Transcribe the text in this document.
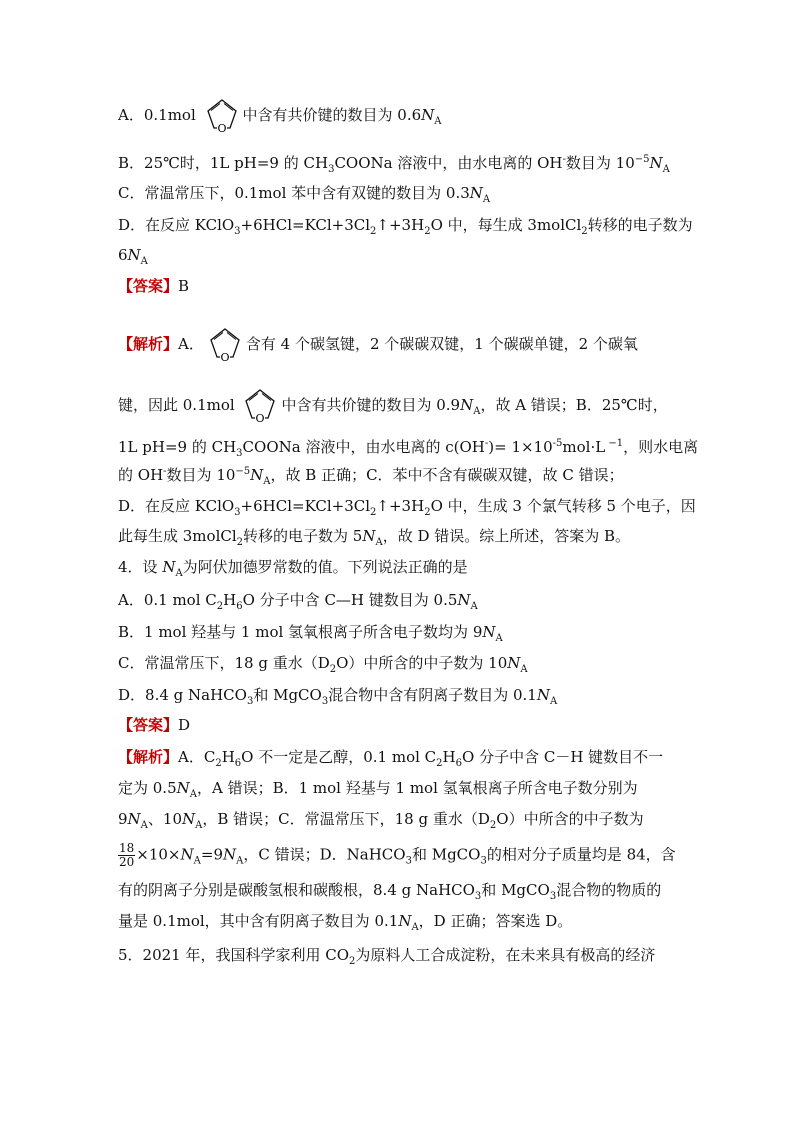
A．0.1mol
O
中含有共价键的数目为 $0.6N_A$
B．25℃时，1L pH=9 的 $CH_3COONa$ 溶液中，由水电离的 OH-数目为 $10^{-5}N_A$
C．常温常压下，0.1mol 苯中含有双键的数目为 $0.3N_A$
D．在反应 $KClO_3+6HCl=KCl+3Cl_2↑+3H_2O$ 中，每生成 3molCl$_2$转移的电子数为
$6N_A$
【答案】B
【解析】A．
O
含有 4 个碳氢键，2 个碳碳双键，1 个碳碳单键，2 个碳氧
键，因此 0.1mol
O
中含有共价键的数目为 $0.9N_A$，故 A 错误；B．25℃时，
1L pH=9 的 $CH_3COONa$ 溶液中，由水电离的 $c(OH^-)= 1\times 10^{-5}mol\cdot L$ $^{-1}$，则水电离
的 OH-数目为 $10^{-5}N_A$，故 B 正确；C．苯中不含有碳碳双键，故 C 错误；
D．在反应 $KClO_3+6HCl=KCl+3Cl_2↑+3H_2O$ 中，生成 3 个氯气转移 5 个电子，因
此每生成 3molCl$_2$转移的电子数为 $5N_A$，故 D 错误。综上所述，答案为 B。
4．设 $N_A$为阿伏加德罗常数的值。下列说法正确的是
A．0.1 mol $C_2H_6O$ 分子中含 C—H 键数目为 $0.5N_A$
B．1 mol 羟基与 1 mol 氢氧根离子所含电子数均为 $9N_A$
C．常温常压下，18 g 重水$(D_2O)$中所含的中子数为 $10N_A$
D．8.4 g NaHCO$_3$和 MgCO$_3$混合物中含有阴离子数目为 $0.1N_A$
【答案】D
【解析】A．$C_2H_6O$ 不一定是乙醇，0.1 mol $C_2H_6O$ 分子中含 C－H 键数目不一
定为 $0.5N_A$，A 错误；B．1 mol 羟基与 1 mol 氢氧根离子所含电子数分别为
$9N_A$、$10N_A$，B 错误；C．常温常压下，18 g 重水$(D_2O)$中所含的中子数为
$\frac{18}{20} \times 10\times N_A=9N_A$，C 错误；D．NaHCO$_3$和 MgCO$_3$的相对分子质量均是 84，含
有的阴离子分别是碳酸氢根和碳酸根，8.4 g NaHCO$_3$和 MgCO$_3$混合物的物质的
量是 0.1mol，其中含有阴离子数目为 $0.1N_A$，D 正确；答案选 D。
5．2021 年，我国科学家利用 $CO_2$为原料人工合成淀粉，在未来具有极高的经济
